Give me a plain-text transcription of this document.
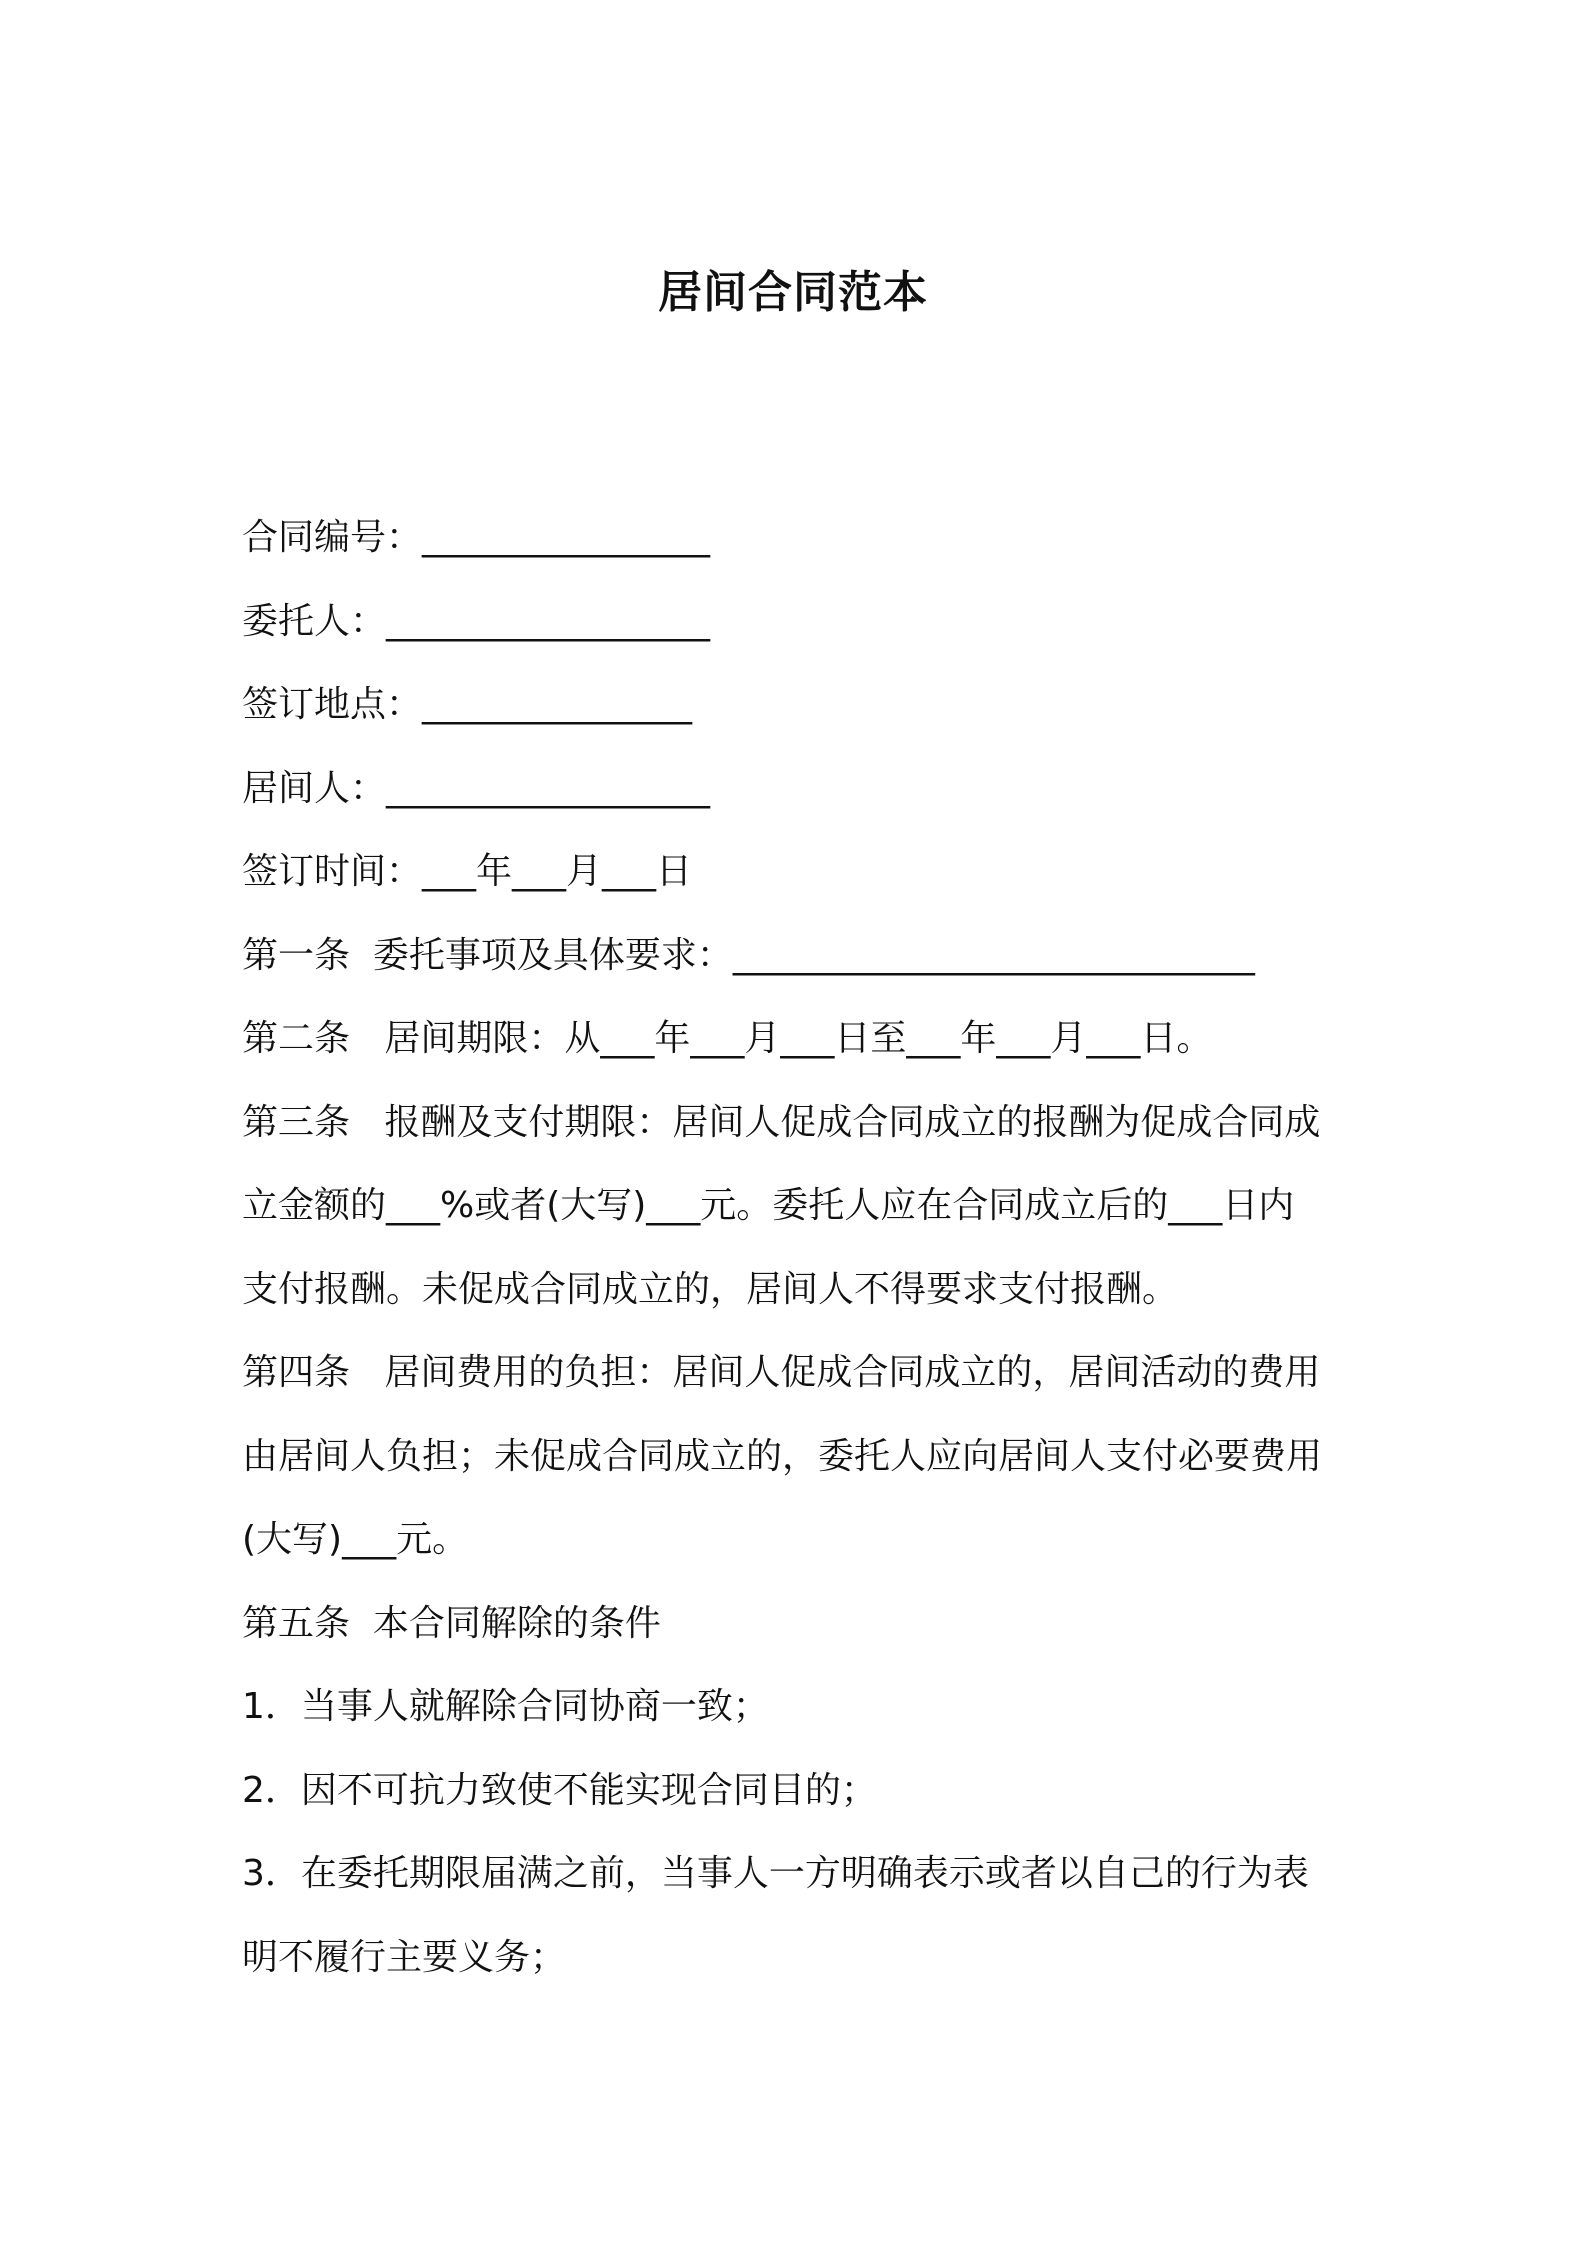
居间合同范本
合同编号：________________
委托人：__________________
签订地点：_______________
居间人：__________________
签订时间：___年___月___日
第一条  委托事项及具体要求：_____________________________
第二条   居间期限：从___年___月___日至___年___月___日。
第三条   报酬及支付期限：居间人促成合同成立的报酬为促成合同成
立金额的___%或者(大写)___元。委托人应在合同成立后的___日内
支付报酬。未促成合同成立的，居间人不得要求支付报酬。
第四条   居间费用的负担：居间人促成合同成立的，居间活动的费用
由居间人负担；未促成合同成立的，委托人应向居间人支付必要费用
(大写)___元。
第五条  本合同解除的条件
1．当事人就解除合同协商一致；
2．因不可抗力致使不能实现合同目的；
3．在委托期限届满之前，当事人一方明确表示或者以自己的行为表
明不履行主要义务；
